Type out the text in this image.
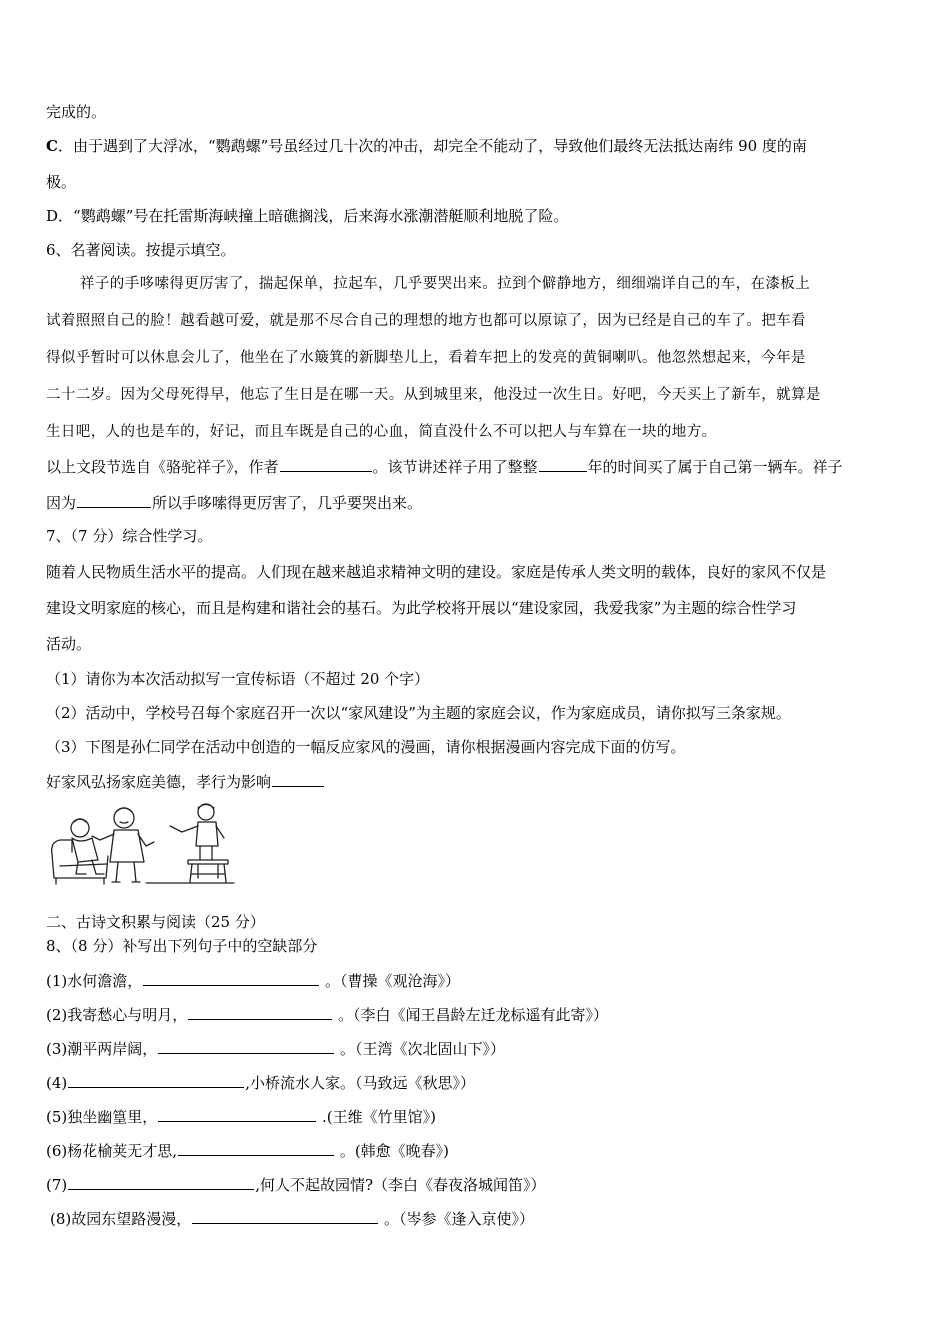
完成的。
C．由于遇到了大浮冰，“鹦鹉螺”号虽经过几十次的冲击，却完全不能动了，导致他们最终无法抵达南纬 90 度的南
极。
D．“鹦鹉螺”号在托雷斯海峡撞上暗礁搁浅，后来海水涨潮潜艇顺利地脱了险。
6、名著阅读。按提示填空。
祥子的手哆嗦得更厉害了，揣起保单，拉起车，几乎要哭出来。拉到个僻静地方，细细端详自己的车，在漆板上
试着照照自己的脸！越看越可爱，就是那不尽合自己的理想的地方也都可以原谅了，因为已经是自己的车了。把车看
得似乎暂时可以休息会儿了，他坐在了水簸箕的新脚垫儿上，看着车把上的发亮的黄铜喇叭。他忽然想起来，今年是
二十二岁。因为父母死得早，他忘了生日是在哪一天。从到城里来，他没过一次生日。好吧，今天买上了新车，就算是
生日吧，人的也是车的，好记，而且车既是自己的心血，简直没什么不可以把人与车算在一块的地方。
以上文段节选自《骆驼祥子》，作者	。该节讲述祥子用了整整	年的时间买了属于自己第一辆车。祥子
因为	所以手哆嗦得更厉害了，几乎要哭出来。
7、（7 分）综合性学习。
随着人民物质生活水平的提高。人们现在越来越追求精神文明的建设。家庭是传承人类文明的载体，良好的家风不仅是
建设文明家庭的核心，而且是构建和谐社会的基石。为此学校将开展以“建设家园，我爱我家”为主题的综合性学习
活动。
（1）请你为本次活动拟写一宣传标语（不超过 20 个字）
（2）活动中，学校号召每个家庭召开一次以“家风建设”为主题的家庭会议，作为家庭成员，请你拟写三条家规。
（3）下图是孙仁同学在活动中创造的一幅反应家风的漫画，请你根据漫画内容完成下面的仿写。
好家风弘扬家庭美德，孝行为影响
二、古诗文积累与阅读（25 分）
8、（8 分）补写出下列句子中的空缺部分
(1)水何澹澹，	。（曹操《观沧海》）
(2)我寄愁心与明月，	。（李白《闻王昌龄左迁龙标遥有此寄》）
(3)潮平两岸阔，	。（王湾《次北固山下》）
(4)	,小桥流水人家。（马致远《秋思》）
(5)独坐幽篁里，	.(王维《竹里馆》)
(6)杨花榆荚无才思,	。(韩愈《晚春》)
(7)	,何人不起故园情?（李白《春夜洛城闻笛》）
(8)故园东望路漫漫，	。（岑参《逢入京使》）
